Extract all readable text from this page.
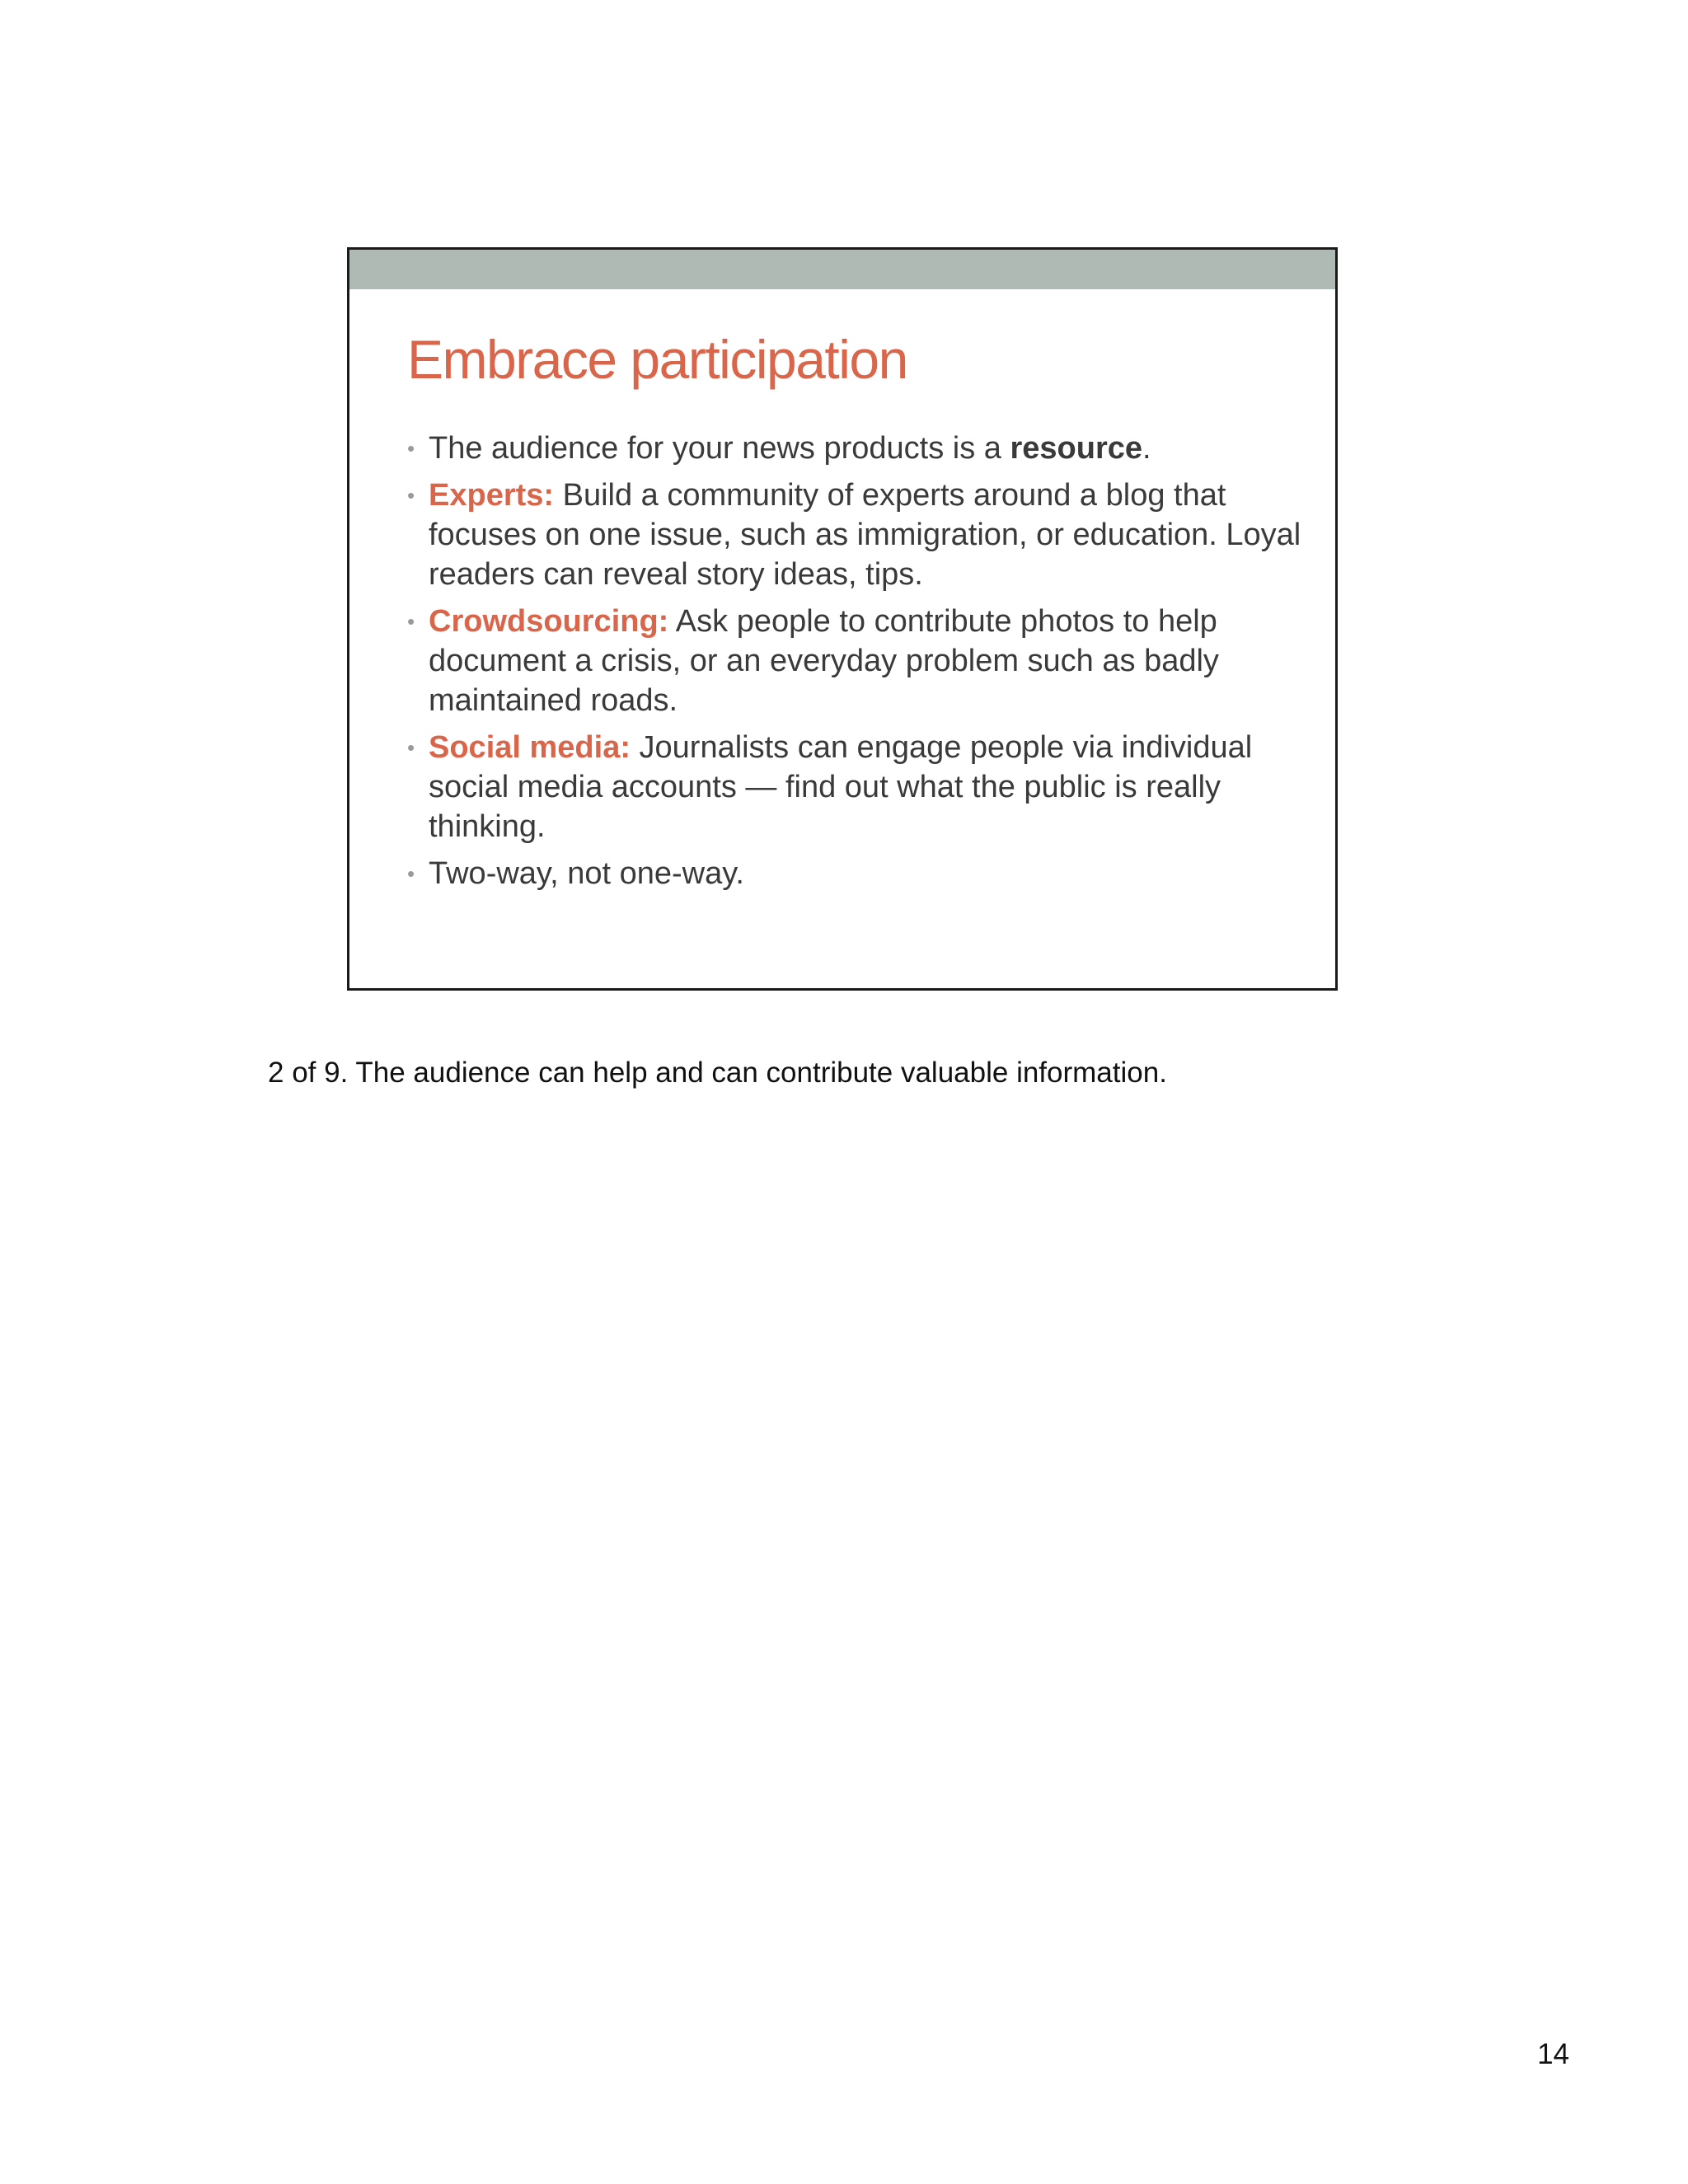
Embrace participation
• The audience for your news products is a resource.
• Experts: Build a community of experts around a blog that focuses on one issue, such as immigration, or education. Loyal readers can reveal story ideas, tips.
• Crowdsourcing: Ask people to contribute photos to help document a crisis, or an everyday problem such as badly maintained roads.
• Social media: Journalists can engage people via individual social media accounts — find out what the public is really thinking.
• Two-way, not one-way.

2 of 9. The audience can help and can contribute valuable information.

14
